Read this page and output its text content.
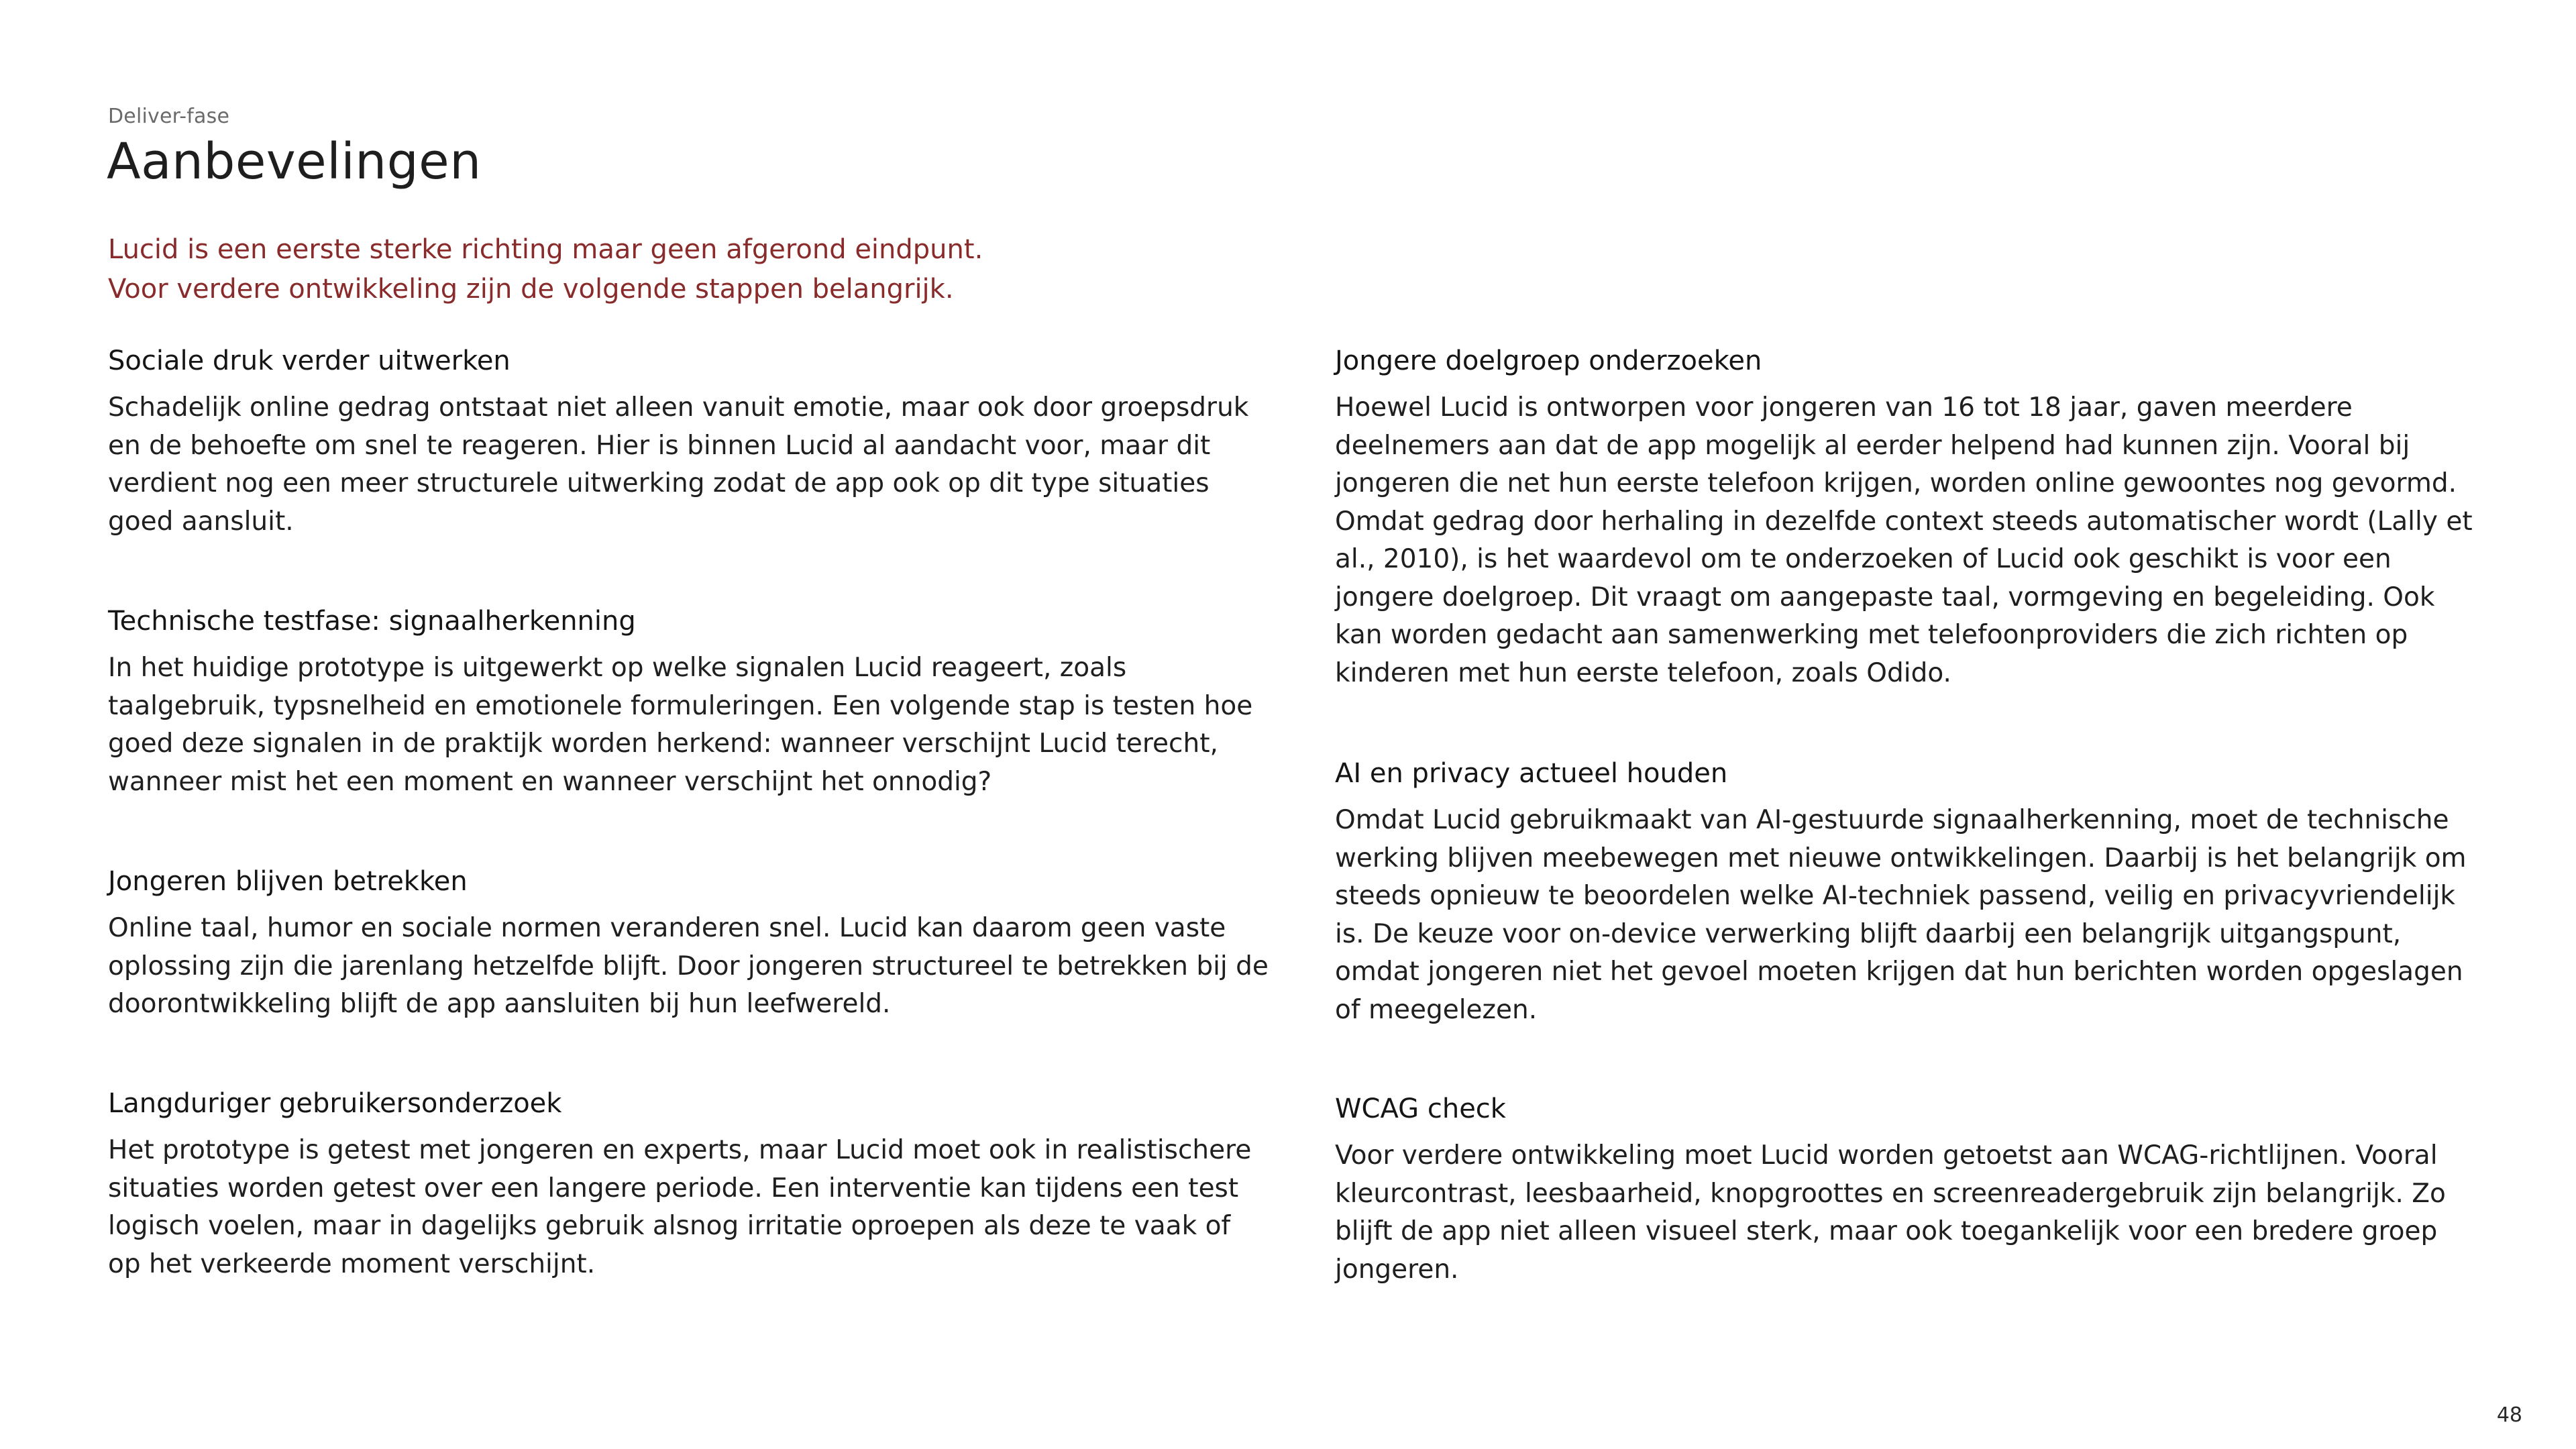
Deliver-fase
Aanbevelingen
Lucid is een eerste sterke richting maar geen afgerond eindpunt.
Voor verdere ontwikkeling zijn de volgende stappen belangrijk.
Sociale druk verder uitwerken

Schadelijk online gedrag ontstaat niet alleen vanuit emotie, maar ook door groepsdruk en de behoefte om snel te reageren. Hier is binnen Lucid al aandacht voor, maar dit verdient nog een meer structurele uitwerking zodat de app ook op dit type situaties goed aansluit.

Technische testfase: signaalherkenning

In het huidige prototype is uitgewerkt op welke signalen Lucid reageert, zoals taalgebruik, typsnelheid en emotionele formuleringen. Een volgende stap is testen hoe goed deze signalen in de praktijk worden herkend: wanneer verschijnt Lucid terecht, wanneer mist het een moment en wanneer verschijnt het onnodig?

Jongeren blijven betrekken

Online taal, humor en sociale normen veranderen snel. Lucid kan daarom geen vaste oplossing zijn die jarenlang hetzelfde blijft. Door jongeren structureel te betrekken bij de doorontwikkeling blijft de app aansluiten bij hun leefwereld.

Langduriger gebruikersonderzoek

Het prototype is getest met jongeren en experts, maar Lucid moet ook in realistischere situaties worden getest over een langere periode. Een interventie kan tijdens een test logisch voelen, maar in dagelijks gebruik alsnog irritatie oproepen als deze te vaak of op het verkeerde moment verschijnt.

Jongere doelgroep onderzoeken

Hoewel Lucid is ontworpen voor jongeren van 16 tot 18 jaar, gaven meerdere deelnemers aan dat de app mogelijk al eerder helpend had kunnen zijn. Vooral bij jongeren die net hun eerste telefoon krijgen, worden online gewoontes nog gevormd. Omdat gedrag door herhaling in dezelfde context steeds automatischer wordt (Lally et al., 2010), is het waardevol om te onderzoeken of Lucid ook geschikt is voor een jongere doelgroep. Dit vraagt om aangepaste taal, vormgeving en begeleiding. Ook kan worden gedacht aan samenwerking met telefoonproviders die zich richten op kinderen met hun eerste telefoon, zoals Odido.

AI en privacy actueel houden

Omdat Lucid gebruikmaakt van AI-gestuurde signaalherkenning, moet de technische werking blijven meebewegen met nieuwe ontwikkelingen. Daarbij is het belangrijk om steeds opnieuw te beoordelen welke AI-techniek passend, veilig en privacyvriendelijk is. De keuze voor on-device verwerking blijft daarbij een belangrijk uitgangspunt, omdat jongeren niet het gevoel moeten krijgen dat hun berichten worden opgeslagen of meegelezen.

WCAG check

Voor verdere ontwikkeling moet Lucid worden getoetst aan WCAG-richtlijnen. Vooral kleurcontrast, leesbaarheid, knopgroottes en screenreadergebruik zijn belangrijk. Zo blijft de app niet alleen visueel sterk, maar ook toegankelijk voor een bredere groep jongeren.

48
